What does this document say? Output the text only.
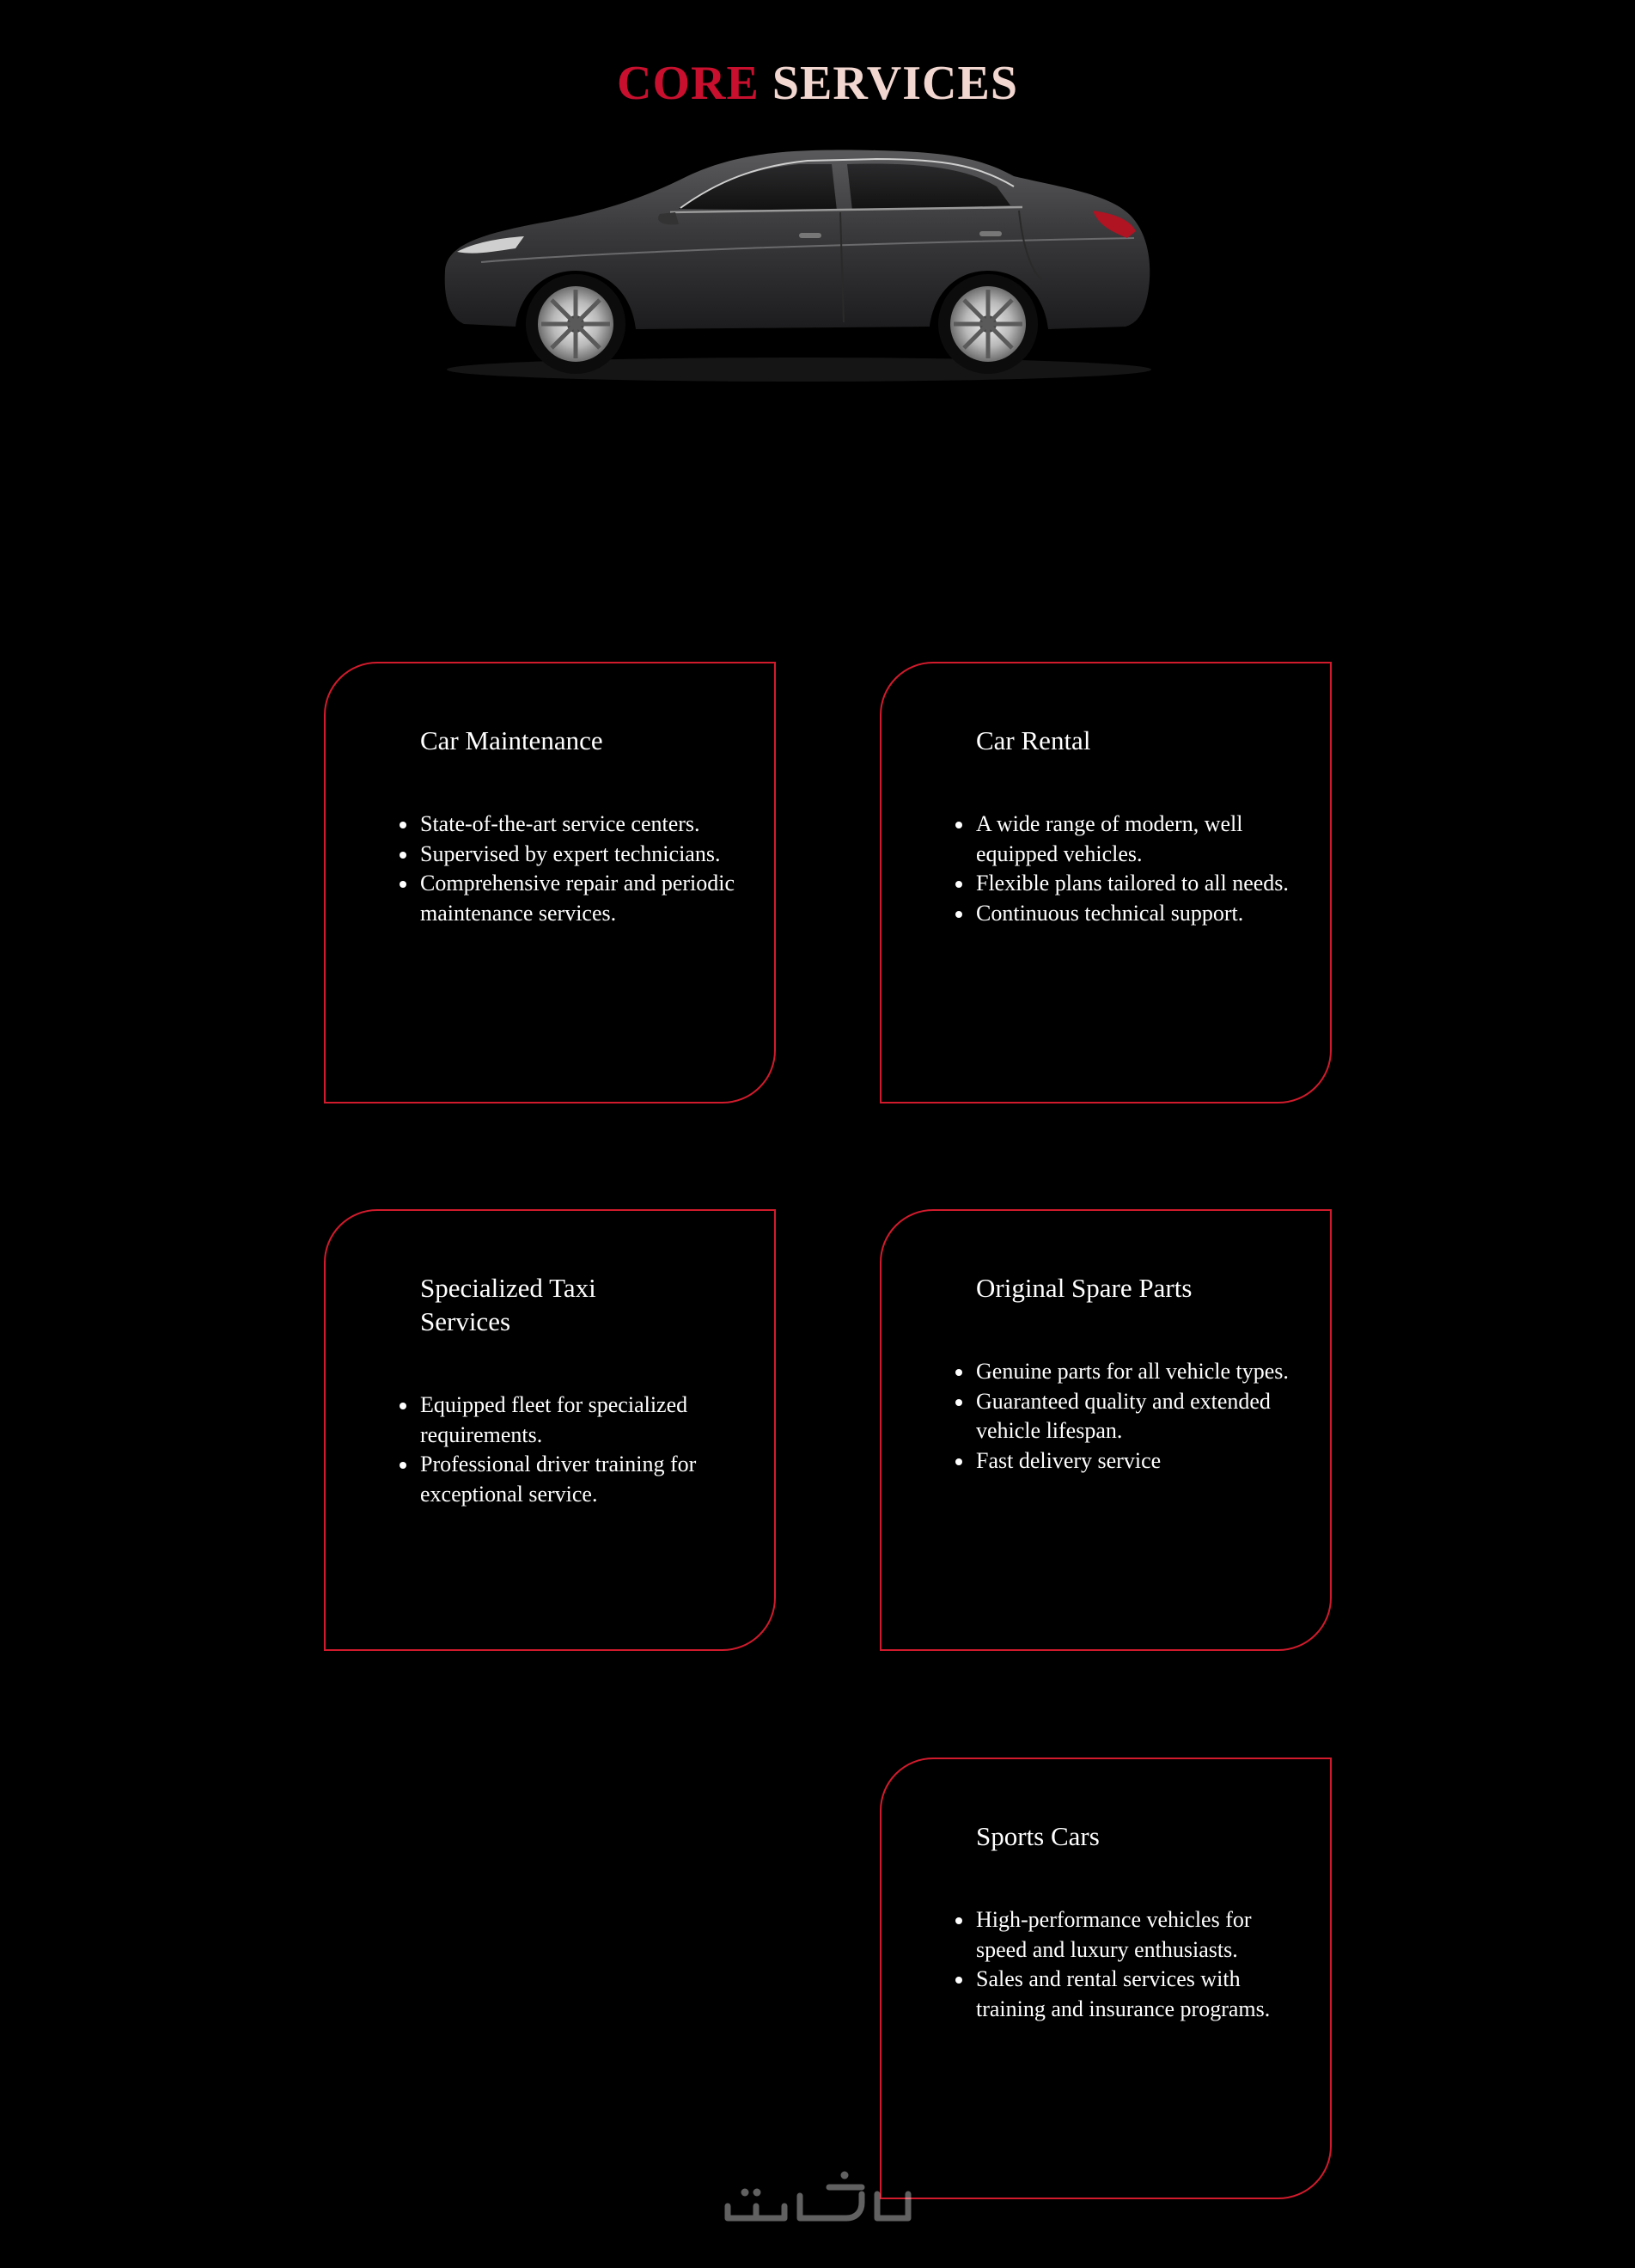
CORE SERVICES
Car Maintenance
State-of-the-art service centers.
Supervised by expert technicians.
Comprehensive repair and periodic maintenance services.
Car Rental
A wide range of modern, well equipped vehicles.
Flexible plans tailored to all needs.
Continuous technical support.
Specialized Taxi Services
Equipped fleet for specialized requirements.
Professional driver training for exceptional service.
Original Spare Parts
Genuine parts for all vehicle types.
Guaranteed quality and extended vehicle lifespan.
Fast delivery service
Sports Cars
High-performance vehicles for speed and luxury enthusiasts.
Sales and rental services with training and insurance programs.
